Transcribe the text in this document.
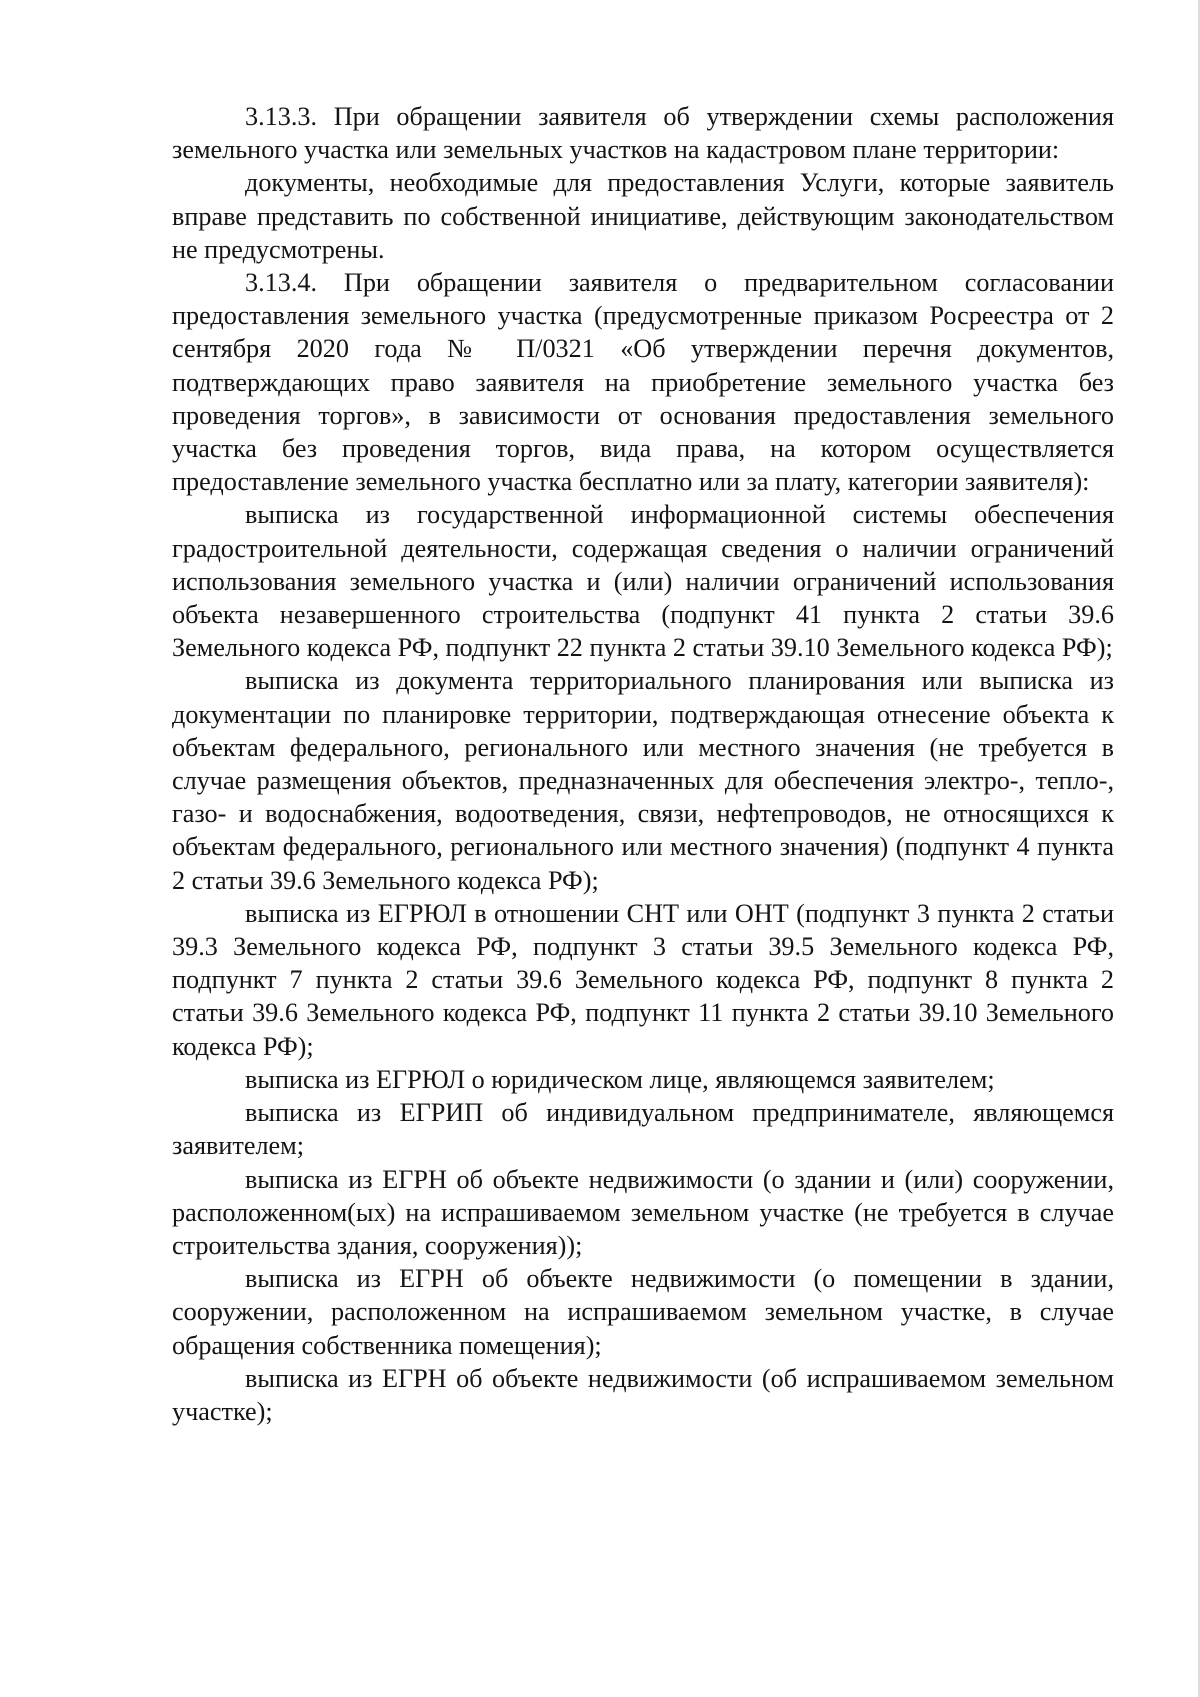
3.13.3. При обращении заявителя об утверждении схемы расположения земельного участка или земельных участков на кадастровом плане территории:

документы, необходимые для предоставления Услуги, которые заявитель вправе представить по собственной инициативе, действующим законодательством не предусмотрены.

3.13.4. При обращении заявителя о предварительном согласовании предоставления земельного участка (предусмотренные приказом Росреестра от 2 сентября 2020 года № П/0321 «Об утверждении перечня документов, подтверждающих право заявителя на приобретение земельного участка без проведения торгов», в зависимости от основания предоставления земельного участка без проведения торгов, вида права, на котором осуществляется предоставление земельного участка бесплатно или за плату, категории заявителя):

выписка из государственной информационной системы обеспечения градостроительной деятельности, содержащая сведения о наличии ограничений использования земельного участка и (или) наличии ограничений использования объекта незавершенного строительства (подпункт 41 пункта 2 статьи 39.6 Земельного кодекса РФ, подпункт 22 пункта 2 статьи 39.10 Земельного кодекса РФ);

выписка из документа территориального планирования или выписка из документации по планировке территории, подтверждающая отнесение объекта к объектам федерального, регионального или местного значения (не требуется в случае размещения объектов, предназначенных для обеспечения электро-, тепло-, газо- и водоснабжения, водоотведения, связи, нефтепроводов, не относящихся к объектам федерального, регионального или местного значения) (подпункт 4 пункта 2 статьи 39.6 Земельного кодекса РФ);

выписка из ЕГРЮЛ в отношении СНТ или ОНТ (подпункт 3 пункта 2 статьи 39.3 Земельного кодекса РФ, подпункт 3 статьи 39.5 Земельного кодекса РФ, подпункт 7 пункта 2 статьи 39.6 Земельного кодекса РФ, подпункт 8 пункта 2 статьи 39.6 Земельного кодекса РФ, подпункт 11 пункта 2 статьи 39.10 Земельного кодекса РФ);

выписка из ЕГРЮЛ о юридическом лице, являющемся заявителем;

выписка из ЕГРИП об индивидуальном предпринимателе, являющемся заявителем;

выписка из ЕГРН об объекте недвижимости (о здании и (или) сооружении, расположенном(ых) на испрашиваемом земельном участке (не требуется в случае строительства здания, сооружения));

выписка из ЕГРН об объекте недвижимости (о помещении в здании, сооружении, расположенном на испрашиваемом земельном участке, в случае обращения собственника помещения);

выписка из ЕГРН об объекте недвижимости (об испрашиваемом земельном участке);
